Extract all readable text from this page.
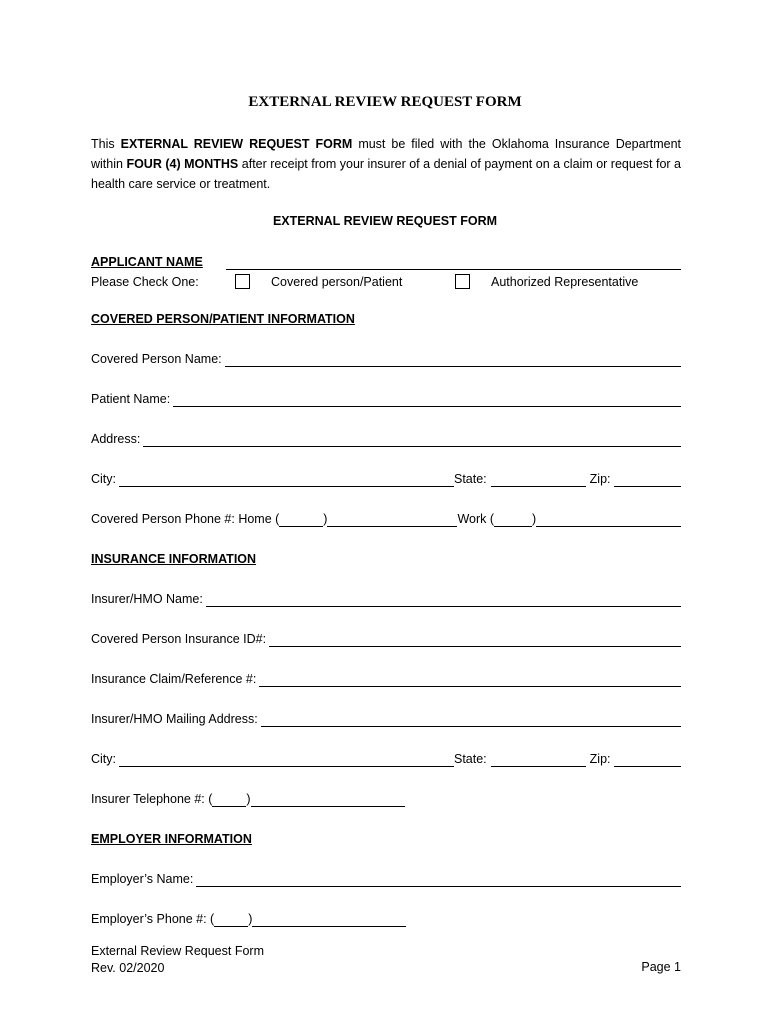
EXTERNAL REVIEW REQUEST FORM
This EXTERNAL REVIEW REQUEST FORM must be filed with the Oklahoma Insurance Department within FOUR (4) MONTHS after receipt from your insurer of a denial of payment on a claim or request for a health care service or treatment.
EXTERNAL REVIEW REQUEST FORM
APPLICANT NAME
Please Check One:	Covered person/Patient	Authorized Representative
COVERED PERSON/PATIENT INFORMATION
Covered Person Name:
Patient Name:
Address:
City:	State:	Zip:
Covered Person Phone #: Home (	)	Work (	)
INSURANCE INFORMATION
Insurer/HMO Name:
Covered Person Insurance ID#:
Insurance Claim/Reference #:
Insurer/HMO Mailing Address:
City:	State:	Zip:
Insurer Telephone #: (	)
EMPLOYER INFORMATION
Employer’s Name:
Employer’s Phone #: (	)
External Review Request Form
Rev. 02/2020	Page 1
